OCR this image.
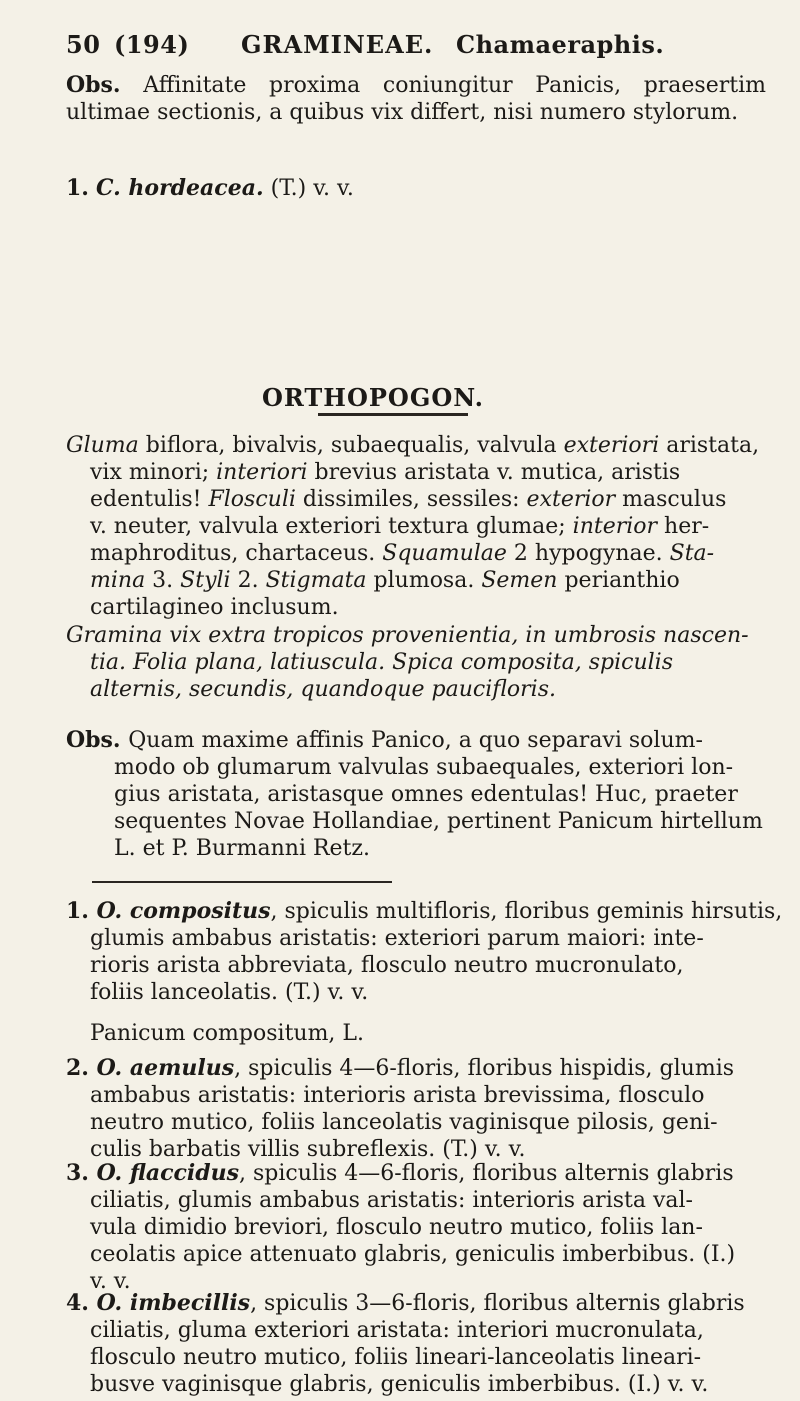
50 (194) GRAMINEAE. Chamaeraphis.
Obs. Affinitate proxima coniungitur Panicis, praesertim ultimae sectionis, a quibus vix differt, nisi numero stylorum.
1. C. hordeacea. (T.) v. v.
ORTHOPOGON.
Gluma biflora, bivalvis, subaequalis, valvula exteriori aristata,
vix minori; interiori brevius aristata v. mutica, aristis
edentulis! Flosculi dissimiles, sessiles: exterior masculus
v. neuter, valvula exteriori textura glumae; interior her-
maphroditus, chartaceus. Squamulae 2 hypogynae. Sta-
mina 3. Styli 2. Stigmata plumosa. Semen perianthio
cartilagineo inclusum.
Gramina vix extra tropicos provenientia, in umbrosis nascen-
tia. Folia plana, latiuscula. Spica composita, spiculis
alternis, secundis, quandoque paucifloris.
Obs. Quam maxime affinis Panico, a quo separavi solum-
modo ob glumarum valvulas subaequales, exteriori lon-
gius aristata, aristasque omnes edentulas! Huc, praeter
sequentes Novae Hollandiae, pertinent Panicum hirtellum
L. et P. Burmanni Retz.
1. O. compositus, spiculis multifloris, floribus geminis hirsutis,
glumis ambabus aristatis: exteriori parum maiori: inte-
rioris arista abbreviata, flosculo neutro mucronulato,
foliis lanceolatis. (T.) v. v.
Panicum compositum, L.
2. O. aemulus, spiculis 4—6-floris, floribus hispidis, glumis
ambabus aristatis: interioris arista brevissima, flosculo
neutro mutico, foliis lanceolatis vaginisque pilosis, geni-
culis barbatis villis subreflexis. (T.) v. v.
3. O. flaccidus, spiculis 4—6-floris, floribus alternis glabris
ciliatis, glumis ambabus aristatis: interioris arista val-
vula dimidio breviori, flosculo neutro mutico, foliis lan-
ceolatis apice attenuato glabris, geniculis imberbibus. (I.)
v. v.
4. O. imbecillis, spiculis 3—6-floris, floribus alternis glabris
ciliatis, gluma exteriori aristata: interiori mucronulata,
flosculo neutro mutico, foliis lineari-lanceolatis lineari-
busve vaginisque glabris, geniculis imberbibus. (I.) v. v.
